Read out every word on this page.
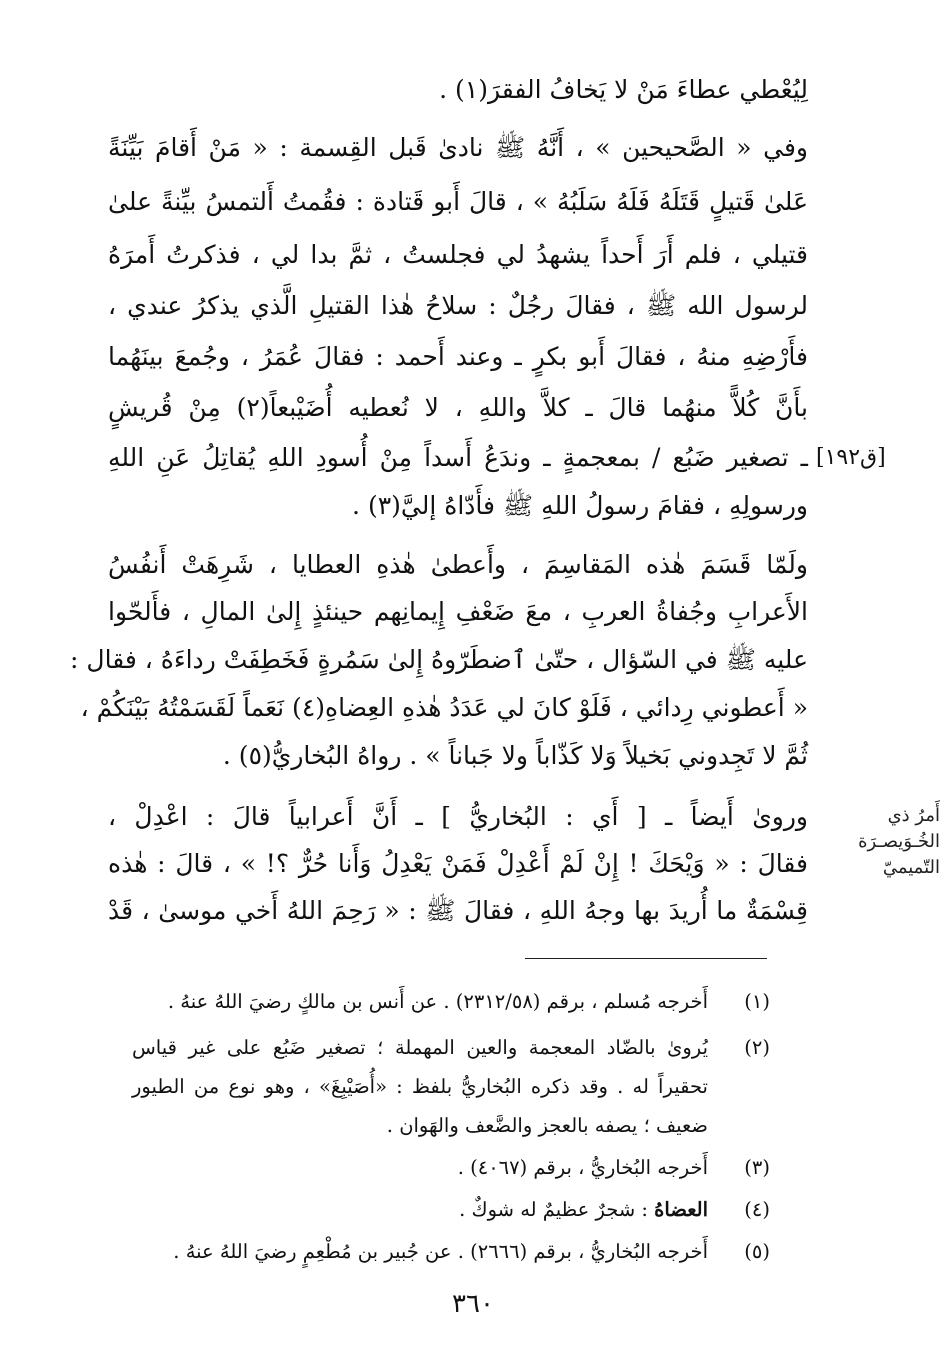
لِيُعْطي عطاءَ مَنْ لا يَخافُ الفقرَ(١) .
وفي « الصَّحيحين » ، أَنَّهُ ﷺ نادىٰ قَبل القِسمة : « مَنْ أَقامَ بَيِّنَةً
عَلىٰ قَتيلٍ قَتَلَهُ فَلَهُ سَلَبُهُ » ، قالَ أَبو قَتادة : فقُمتُ أَلتمسُ بيِّنةً علىٰ
قتيلي ، فلم أَرَ أَحداً يشهدُ لي فجلستُ ، ثمَّ بدا لي ، فذكرتُ أَمرَهُ
لرسول الله ﷺ ، فقالَ رجُلٌ : سلاحُ هٰذا القتيلِ الَّذي يذكرُ عندي ،
فأَرْضِهِ منهُ ، فقالَ أَبو بكرٍ ـ وعند أَحمد : فقالَ عُمَرُ ، وجُمعَ بينَهُما
بأَنَّ كُلاًّ منهُما قالَ ـ كلاَّ واللهِ ، لا نُعطيه أُضَيْبعاً(٢) مِنْ قُريشٍ
ـ تصغير ضَبُع / بمعجمةٍ ـ وندَعُ أَسداً مِنْ أُسودِ اللهِ يُقاتِلُ عَنِ اللهِ
ورسولِهِ ، فقامَ رسولُ اللهِ ﷺ فأَدّاهُ إليَّ(٣) .
ولَمّا قَسَمَ هٰذه المَقاسِمَ ، وأَعطىٰ هٰذهِ العطايا ، شَرِهَتْ أَنفُسُ
الأَعرابِ وجُفاةُ العربِ ، معَ ضَعْفِ إِيمانِهم حينئذٍ إِلىٰ المالِ ، فأَلحّوا
عليه ﷺ في السّؤال ، حتّىٰ ٱضطَرّوهُ إِلىٰ سَمُرةٍ فَخَطِفَتْ رداءَهُ ، فقال :
« أَعطوني رِدائي ، فَلَوْ كانَ لي عَدَدُ هٰذهِ العِضاهِ(٤) نَعَماً لَقَسَمْتُهُ بَيْنَكُمْ ،
ثُمَّ لا تَجِدوني بَخيلاً وَلا كَذّاباً ولا جَباناً » . رواهُ البُخاريُّ(٥) .
وروىٰ أَيضاً ـ [ أَي : البُخاريُّ ] ـ أَنَّ أَعرابياً قالَ : اعْدِلْ ،
فقالَ : « وَيْحَكَ ! إِنْ لَمْ أَعْدِلْ فَمَنْ يَعْدِلُ وَأَنا حُرٌّ ؟! » ، قالَ : هٰذه
قِسْمَةٌ ما أُريدَ بها وجهُ اللهِ ، فقالَ ﷺ : « رَحِمَ اللهُ أَخي موسىٰ ، قَدْ
[ق١٩٢]
أَمرُ ذي الخُـوَيصـرَة
التّميميّ
(١)
أَخرجه مُسلم ، برقم (٢٣١٢/٥٨) . عن أَنس بن مالكٍ رضيَ اللهُ عنهُ .
(٢)
يُروىٰ بالضّاد المعجمة والعين المهملة ؛ تصغير ضَبُع على غير قياس
تحقيراً له . وقد ذكره البُخاريُّ بلفظ : «أُصَيْبِغَ» ، وهو نوع من الطيور
ضعيف ؛ يصفه بالعجز والضَّعف والهَوان .
(٣)
أَخرجه البُخاريُّ ، برقم (٤٠٦٧) .
(٤)
العضاهُ : شجرٌ عظيمٌ له شوكٌ .
(٥)
أَخرجه البُخاريُّ ، برقم (٢٦٦٦) . عن جُبير بن مُطْعِمٍ رضيَ اللهُ عنهُ .
٣٦٠
